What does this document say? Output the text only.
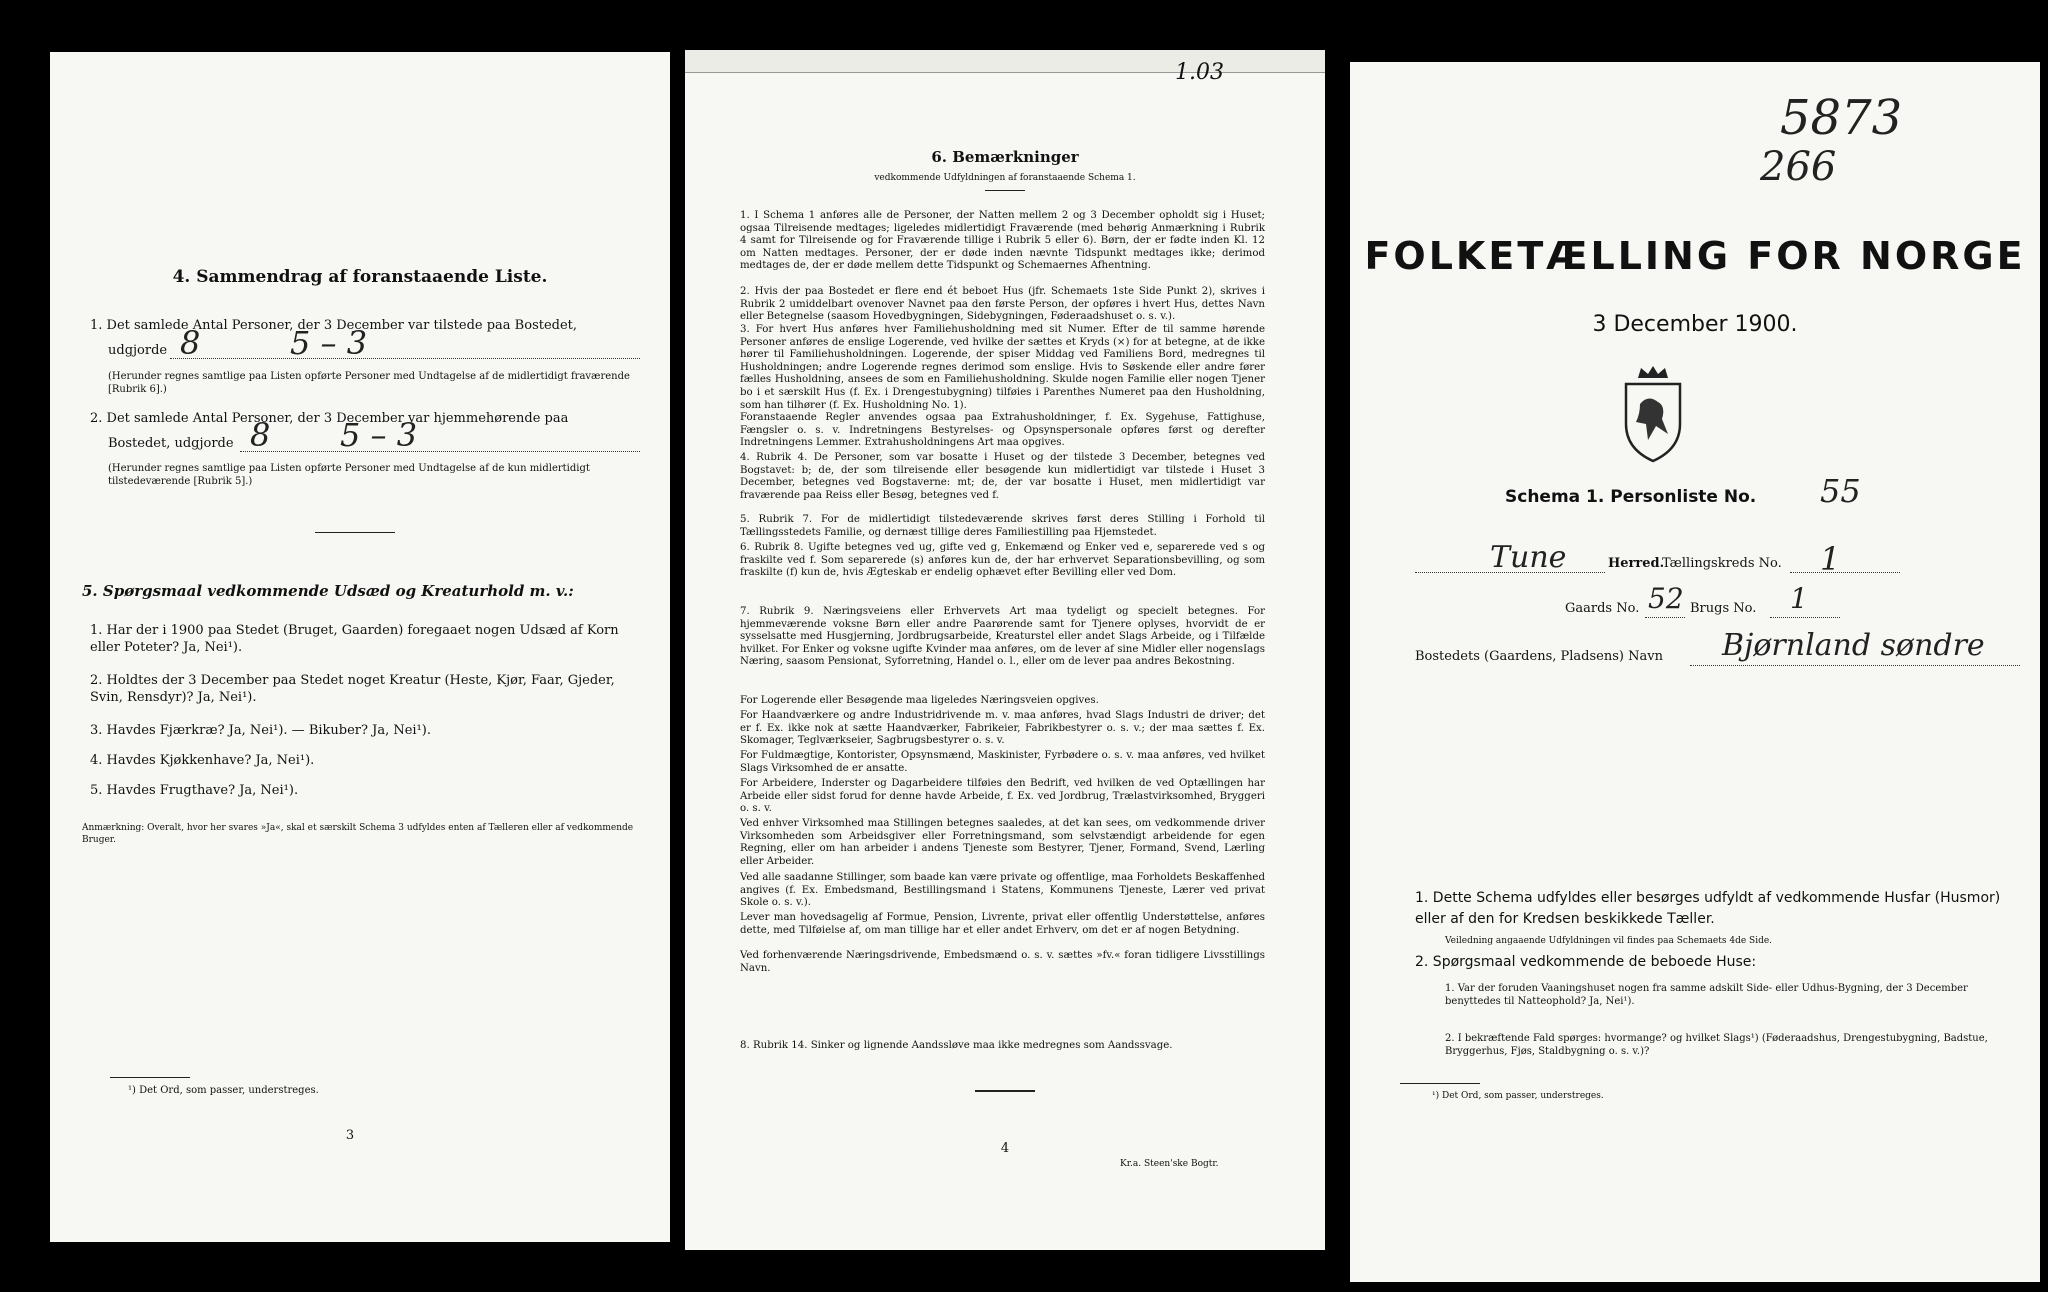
4. Sammendrag af foranstaaende Liste.
1. Det samlede Antal Personer, der 3 December var tilstede paa Bostedet,
udgjorde 8	5 – 3
(Herunder regnes samtlige paa Listen opførte Personer med Undtagelse af de midlertidigt fraværende [Rubrik 6].)
2. Det samlede Antal Personer, der 3 December var hjemmehørende paa
Bostedet, udgjorde 8 5 – 3
(Herunder regnes samtlige paa Listen opførte Personer med Undtagelse af de kun midlertidigt tilstedeværende [Rubrik 5].)
5. Spørgsmaal vedkommende Udsæd og Kreaturhold m. v.:
1. Har der i 1900 paa Stedet (Bruget, Gaarden) foregaaet nogen Udsæd af Korn eller Poteter? Ja, Nei¹).
2. Holdtes der 3 December paa Stedet noget Kreatur (Heste, Kjør, Faar, Gjeder, Svin, Rensdyr)? Ja, Nei¹).
3. Havdes Fjærkræ? Ja, Nei¹). — Bikuber? Ja, Nei¹).
4. Havdes Kjøkkenhave? Ja, Nei¹).
5. Havdes Frugthave? Ja, Nei¹).
Anmærkning: Overalt, hvor her svares »Ja«, skal et særskilt Schema 3 udfyldes enten af Tælleren eller af vedkommende Bruger.
¹) Det Ord, som passer, understreges.
3
1.03
6. Bemærkninger
vedkommende Udfyldningen af foranstaaende Schema 1.
1. I Schema 1 anføres alle de Personer, der Natten mellem 2 og 3 December opholdt sig i Huset; ogsaa Tilreisende medtages; ligeledes midlertidigt Fraværende (med behørig Anmærkning i Rubrik 4 samt for Tilreisende og for Fraværende tillige i Rubrik 5 eller 6). Børn, der er fødte inden Kl. 12 om Natten medtages. Personer, der er døde inden nævnte Tidspunkt medtages ikke; derimod medtages de, der er døde mellem dette Tidspunkt og Schemaernes Afhentning.
2. Hvis der paa Bostedet er flere end ét beboet Hus (jfr. Schemaets 1ste Side Punkt 2), skrives i Rubrik 2 umiddelbart ovenover Navnet paa den første Person, der opføres i hvert Hus, dettes Navn eller Betegnelse (saasom Hovedbygningen, Sidebygningen, Føderaadshuset o. s. v.).
3. For hvert Hus anføres hver Familiehusholdning med sit Numer. Efter de til samme hørende Personer anføres de enslige Logerende, ved hvilke der sættes et Kryds (×) for at betegne, at de ikke hører til Familiehusholdningen. Logerende, der spiser Middag ved Familiens Bord, medregnes til Husholdningen; andre Logerende regnes derimod som enslige. Hvis to Søskende eller andre fører fælles Husholdning, ansees de som en Familiehusholdning. Skulde nogen Familie eller nogen Tjener bo i et særskilt Hus (f. Ex. i Drengestubygning) tilføies i Parenthes Numeret paa den Husholdning, som han tilhører (f. Ex. Husholdning No. 1).
Foranstaaende Regler anvendes ogsaa paa Extrahusholdninger, f. Ex. Sygehuse, Fattighuse, Fængsler o. s. v. Indretningens Bestyrelses- og Opsynspersonale opføres først og derefter Indretningens Lemmer. Extrahusholdningens Art maa opgives.
4. Rubrik 4. De Personer, som var bosatte i Huset og der tilstede 3 December, betegnes ved Bogstavet: b; de, der som tilreisende eller besøgende kun midlertidigt var tilstede i Huset 3 December, betegnes ved Bogstaverne: mt; de, der var bosatte i Huset, men midlertidigt var fraværende paa Reiss eller Besøg, betegnes ved f.
5. Rubrik 7. For de midlertidigt tilstedeværende skrives først deres Stilling i Forhold til Tællingsstedets Familie, og dernæst tillige deres Familiestilling paa Hjemstedet.
6. Rubrik 8. Ugifte betegnes ved ug, gifte ved g, Enkemænd og Enker ved e, separerede ved s og fraskilte ved f. Som separerede (s) anføres kun de, der har erhvervet Separationsbevilling, og som fraskilte (f) kun de, hvis Ægteskab er endelig ophævet efter Bevilling eller ved Dom.
7. Rubrik 9. Næringsveiens eller Erhvervets Art maa tydeligt og specielt betegnes. For hjemmeværende voksne Børn eller andre Paarørende samt for Tjenere oplyses, hvorvidt de er sysselsatte med Husgjerning, Jordbrugsarbeide, Kreaturstel eller andet Slags Arbeide, og i Tilfælde hvilket. For Enker og voksne ugifte Kvinder maa anføres, om de lever af sine Midler eller nogensIags Næring, saasom Pensionat, Syforretning, Handel o. l., eller om de lever paa andres Bekostning.
For Logerende eller Besøgende maa ligeledes Næringsveien opgives.
For Haandværkere og andre Industridrivende m. v. maa anføres, hvad Slags Industri de driver; det er f. Ex. ikke nok at sætte Haandværker, Fabrikeier, Fabrikbestyrer o. s. v.; der maa sættes f. Ex. Skomager, Teglværkseier, Sagbrugsbestyrer o. s. v.
For Fuldmægtige, Kontorister, Opsynsmænd, Maskinister, Fyrbødere o. s. v. maa anføres, ved hvilket Slags Virksomhed de er ansatte.
For Arbeidere, Inderster og Dagarbeidere tilføies den Bedrift, ved hvilken de ved Optællingen har Arbeide eller sidst forud for denne havde Arbeide, f. Ex. ved Jordbrug, Trælastvirksomhed, Bryggeri o. s. v.
Ved enhver Virksomhed maa Stillingen betegnes saaledes, at det kan sees, om vedkommende driver Virksomheden som Arbeidsgiver eller Forretningsmand, som selvstændigt arbeidende for egen Regning, eller om han arbeider i andens Tjeneste som Bestyrer, Tjener, Formand, Svend, Lærling eller Arbeider.
Ved alle saadanne Stillinger, som baade kan være private og offentlige, maa Forholdets Beskaffenhed angives (f. Ex. Embedsmand, Bestillingsmand i Statens, Kommunens Tjeneste, Lærer ved privat Skole o. s. v.).
Lever man hovedsagelig af Formue, Pension, Livrente, privat eller offentlig Understøttelse, anføres dette, med Tilføielse af, om man tillige har et eller andet Erhverv, om det er af nogen Betydning.
Ved forhenværende Næringsdrivende, Embedsmænd o. s. v. sættes »fv.« foran tidligere Livsstillings Navn.
8. Rubrik 14. Sinker og lignende Aandssløve maa ikke medregnes som Aandssvage.
4
Kr.a. Steen'ske Bogtr.
5873
266
FOLKETÆLLING FOR NORGE
3 December 1900.
Schema 1. Personliste No. 55
Tune	Herred.
Tællingskreds No. 1
Gaards No. 52 Brugs No. 1
Bostedets (Gaardens, Pladsens) Navn Bjørnland søndre
1. Dette Schema udfyldes eller besørges udfyldt af vedkommende Husfar (Husmor) eller af den for Kredsen beskikkede Tæller.
Veiledning angaaende Udfyldningen vil findes paa Schemaets 4de Side.
2. Spørgsmaal vedkommende de beboede Huse:
1. Var der foruden Vaaningshuset nogen fra samme adskilt Side- eller Udhus-Bygning, der 3 December benyttedes til Natteophold? Ja, Nei¹).
2. I bekræftende Fald spørges: hvormange? og hvilket Slags¹) (Føderaadshus, Drengestubygning, Badstue, Bryggerhus, Fjøs, Staldbygning o. s. v.)?
¹) Det Ord, som passer, understreges.
